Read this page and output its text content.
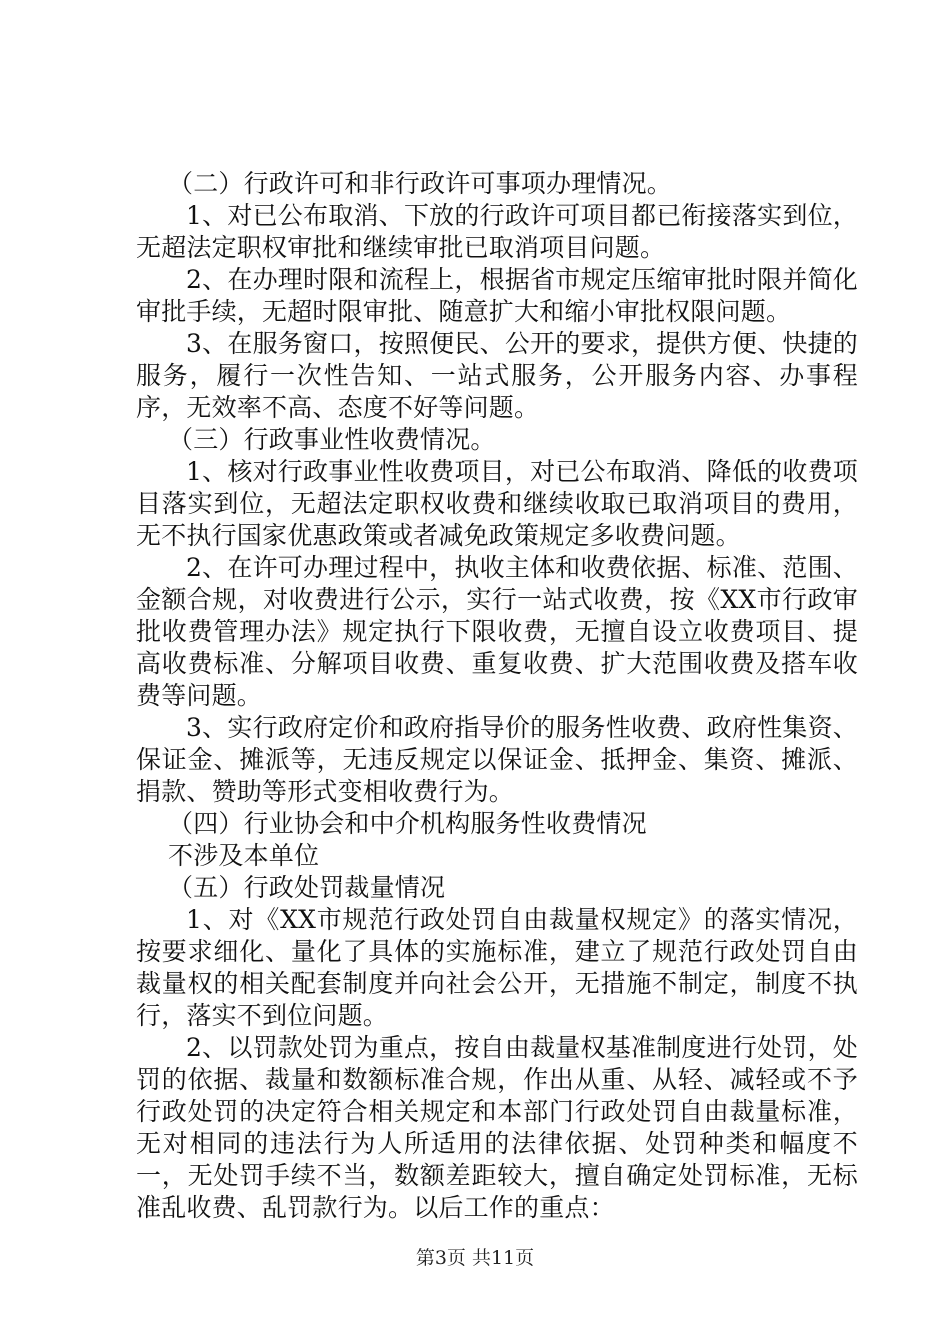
（二）行政许可和非行政许可事项办理情况。

1、对已公布取消、下放的行政许可项目都已衔接落实到位，无超法定职权审批和继续审批已取消项目问题。

2、在办理时限和流程上，根据省市规定压缩审批时限并简化审批手续，无超时限审批、随意扩大和缩小审批权限问题。

3、在服务窗口，按照便民、公开的要求，提供方便、快捷的服务，履行一次性告知、一站式服务，公开服务内容、办事程序，无效率不高、态度不好等问题。

（三）行政事业性收费情况。

1、核对行政事业性收费项目，对已公布取消、降低的收费项目落实到位，无超法定职权收费和继续收取已取消项目的费用，无不执行国家优惠政策或者减免政策规定多收费问题。

2、在许可办理过程中，执收主体和收费依据、标准、范围、金额合规，对收费进行公示，实行一站式收费，按《XX市行政审批收费管理办法》规定执行下限收费，无擅自设立收费项目、提高收费标准、分解项目收费、重复收费、扩大范围收费及搭车收费等问题。

3、实行政府定价和政府指导价的服务性收费、政府性集资、保证金、摊派等，无违反规定以保证金、抵押金、集资、摊派、捐款、赞助等形式变相收费行为。

（四）行业协会和中介机构服务性收费情况

不涉及本单位

（五）行政处罚裁量情况

1、对《XX市规范行政处罚自由裁量权规定》的落实情况，按要求细化、量化了具体的实施标准，建立了规范行政处罚自由裁量权的相关配套制度并向社会公开，无措施不制定，制度不执行，落实不到位问题。

2、以罚款处罚为重点，按自由裁量权基准制度进行处罚，处罚的依据、裁量和数额标准合规，作出从重、从轻、减轻或不予行政处罚的决定符合相关规定和本部门行政处罚自由裁量标准，无对相同的违法行为人所适用的法律依据、处罚种类和幅度不一，无处罚手续不当，数额差距较大，擅自确定处罚标准，无标准乱收费、乱罚款行为。以后工作的重点：

第3页 共11页
